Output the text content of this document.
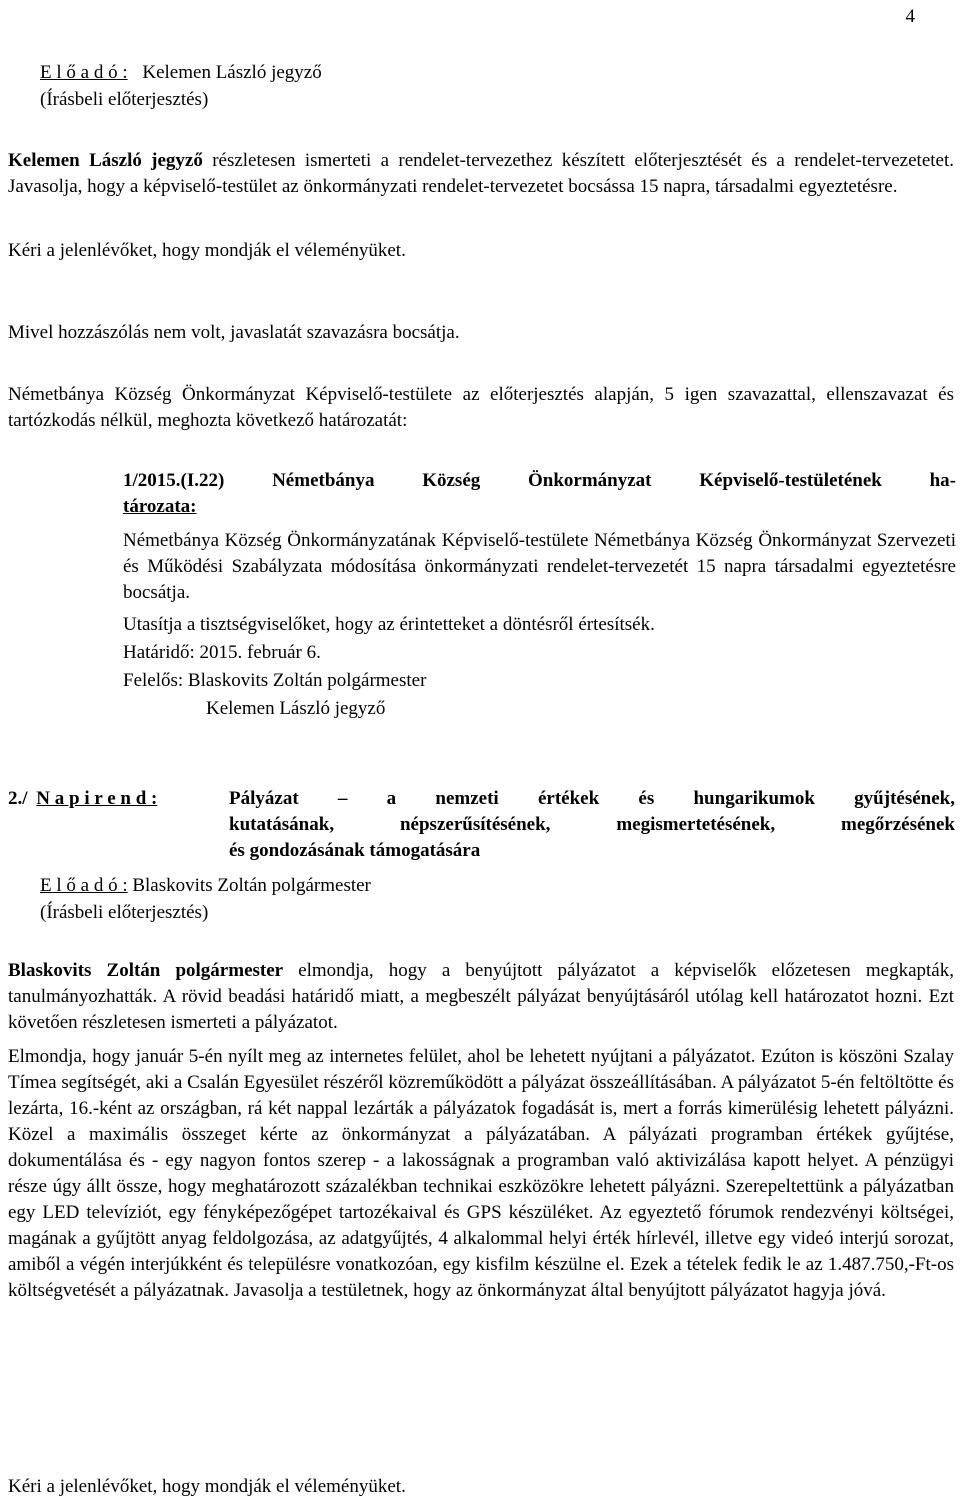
4
E l ő a d ó : Kelemen László jegyző
(Írásbeli előterjesztés)
Kelemen László jegyző részletesen ismerteti a rendelet-tervezethez készített előterjesztését és a rendelet-tervezetetet. Javasolja, hogy a képviselő-testület az önkormányzati rendelet-tervezetet bocsássa 15 napra, társadalmi egyeztetésre.
Kéri a jelenlévőket, hogy mondják el véleményüket.
Mivel hozzászólás nem volt, javaslatát szavazásra bocsátja.
Németbánya Község Önkormányzat Képviselő-testülete az előterjesztés alapján, 5 igen szavazattal, ellenszavazat és tartózkodás nélkül, meghozta következő határozatát:
1/2015.(I.22) Németbánya Község Önkormányzat Képviselő-testületének ha-
tározata:
Németbánya Község Önkormányzatának Képviselő-testülete Németbánya Község Önkormányzat Szervezeti és Működési Szabályzata módosítása önkormányzati rendelet-tervezetét 15 napra társadalmi egyeztetésre bocsátja.
Utasítja a tisztségviselőket, hogy az érintetteket a döntésről értesítsék.
Határidő: 2015. február 6.
Felelős: Blaskovits Zoltán polgármester
Kelemen László jegyző
2./ N a p i r e n d :	Pályázat – a nemzeti értékek és hungarikumok gyűjtésének,
kutatásának, népszerűsítésének, megismertetésének, megőrzésének
és gondozásának támogatására
E l ő a d ó : Blaskovits Zoltán polgármester
(Írásbeli előterjesztés)
Blaskovits Zoltán polgármester elmondja, hogy a benyújtott pályázatot a képviselők előzetesen megkapták, tanulmányozhatták. A rövid beadási határidő miatt, a megbeszélt pályázat benyújtásáról utólag kell határozatot hozni. Ezt követően részletesen ismerteti a pályázatot.
Elmondja, hogy január 5-én nyílt meg az internetes felület, ahol be lehetett nyújtani a pályázatot. Ezúton is köszöni Szalay Tímea segítségét, aki a Csalán Egyesület részéről közreműködött a pályázat összeállításában. A pályázatot 5-én feltöltötte és lezárta, 16.-ként az országban, rá két nappal lezárták a pályázatok fogadását is, mert a forrás kimerülésig lehetett pályázni. Közel a maximális összeget kérte az önkormányzat a pályázatában. A pályázati programban értékek gyűjtése, dokumentálása és - egy nagyon fontos szerep - a lakosságnak a programban való aktivizálása kapott helyet. A pénzügyi része úgy állt össze, hogy meghatározott százalékban technikai eszközökre lehetett pályázni. Szerepeltettünk a pályázatban egy LED televíziót, egy fényképezőgépet tartozékaival és GPS készüléket. Az egyeztető fórumok rendezvényi költségei, magának a gyűjtött anyag feldolgozása, az adatgyűjtés, 4 alkalommal helyi érték hírlevél, illetve egy videó interjú sorozat, amiből a végén interjúkként és településre vonatkozóan, egy kisfilm készülne el. Ezek a tételek fedik le az 1.487.750,-Ft-os költségvetését a pályázatnak. Javasolja a testületnek, hogy az önkormányzat által benyújtott pályázatot hagyja jóvá.
Kéri a jelenlévőket, hogy mondják el véleményüket.
